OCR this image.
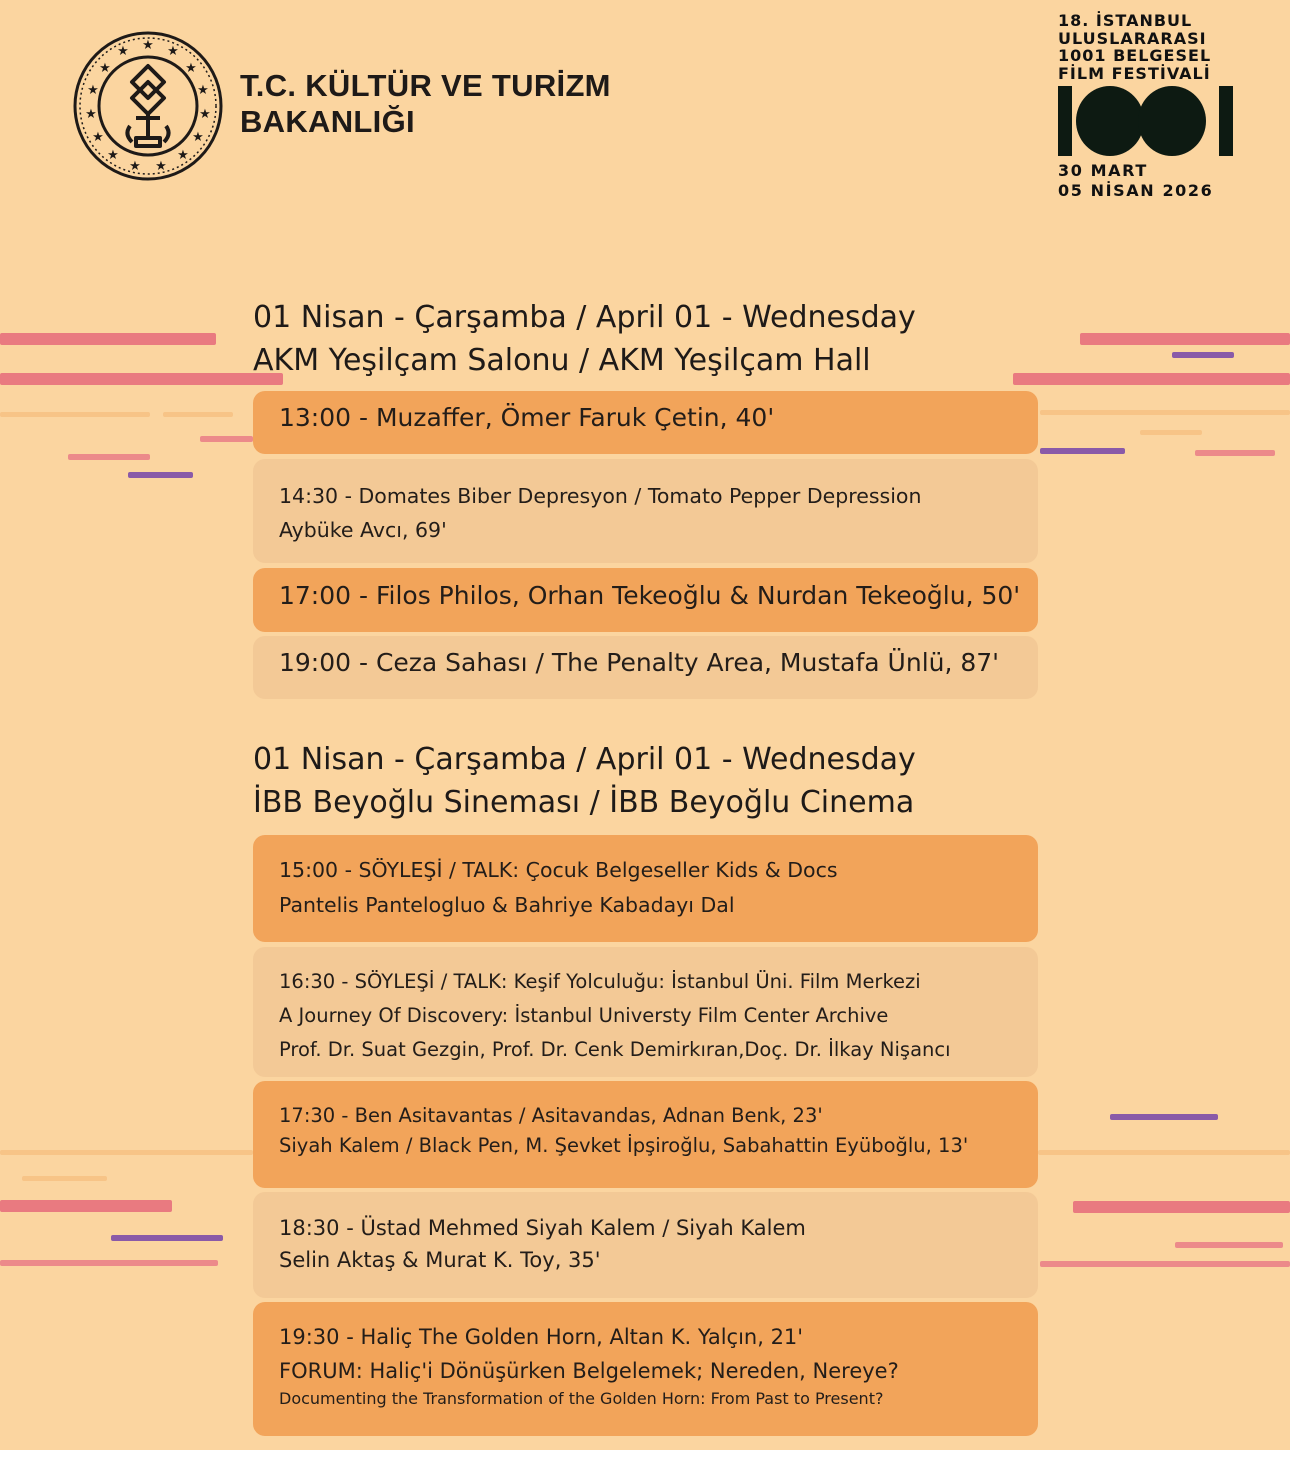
★ ★
★
★
★
★
★
★
★
★
★
★
★
★
★
T.C. KÜLTÜR VE TURİZM
BAKANLIĞI
18. İSTANBUL
ULUSLARARASI
1001 BELGESEL
FİLM FESTİVALİ
30 MART
05 NİSAN 2026
01 Nisan - Çarşamba / April 01 - Wednesday
AKM Yeşilçam Salonu / AKM Yeşilçam Hall
13:00 - Muzaffer, Ömer Faruk Çetin, 40'
14:30 - Domates Biber Depresyon / Tomato Pepper Depression
Aybüke Avcı, 69'
17:00 - Filos Philos, Orhan Tekeoğlu & Nurdan Tekeoğlu, 50'
19:00 - Ceza Sahası / The Penalty Area, Mustafa Ünlü, 87'
01 Nisan - Çarşamba / April 01 - Wednesday
İBB Beyoğlu Sineması / İBB Beyoğlu Cinema
15:00 - SÖYLEŞİ / TALK: Çocuk Belgeseller Kids & Docs
Pantelis Pantelogluo & Bahriye Kabadayı Dal
16:30 - SÖYLEŞİ / TALK: Keşif Yolculuğu: İstanbul Üni. Film Merkezi
A Journey Of Discovery: İstanbul Universty Film Center Archive
Prof. Dr. Suat Gezgin, Prof. Dr. Cenk Demirkıran,Doç. Dr. İlkay Nişancı
17:30 - Ben Asitavantas / Asitavandas, Adnan Benk, 23'
Siyah Kalem / Black Pen, M. Şevket İpşiroğlu, Sabahattin Eyüboğlu, 13'
18:30 - Üstad Mehmed Siyah Kalem / Siyah Kalem
Selin Aktaş & Murat K. Toy, 35'
19:30 - Haliç The Golden Horn, Altan K. Yalçın, 21'
FORUM: Haliç'i Dönüşürken Belgelemek; Nereden, Nereye?
Documenting the Transformation of the Golden Horn: From Past to Present?
